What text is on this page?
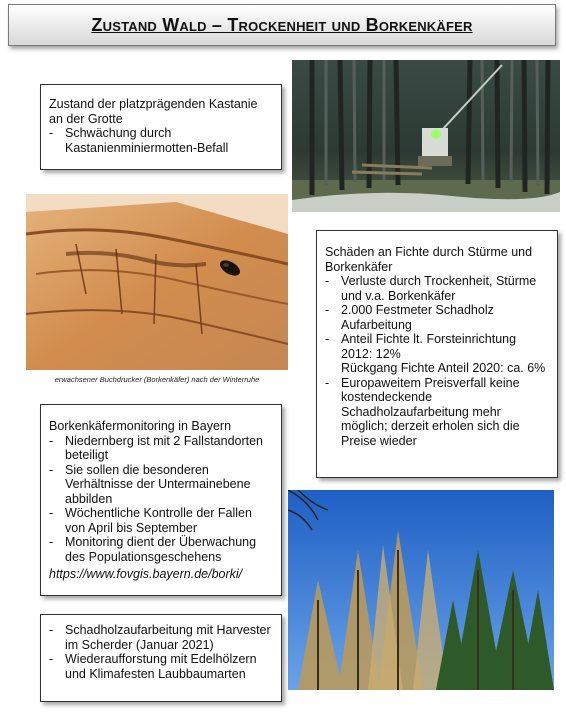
Zustand Wald – Trockenheit und Borkenkäfer
Zustand der platzprägenden Kastanie an der Grotte
- Schwächung durch Kastanienminiermotten-Befall
erwachsener Buchdrucker (Borkenkäfer) nach der Winterruhe
Schäden an Fichte durch Stürme und Borkenkäfer
- Verluste durch Trockenheit, Stürme und v.a. Borkenkäfer
- 2.000 Festmeter Schadholz Aufarbeitung
- Anteil Fichte lt. Forsteinrichtung 2012: 12%
Rückgang Fichte Anteil 2020: ca. 6%
- Europaweitem Preisverfall keine kostendeckende Schadholzaufarbeitung mehr möglich; derzeit erholen sich die Preise wieder
Borkenkäfermonitoring in Bayern
- Niedernberg ist mit 2 Fallstandorten beteiligt
- Sie sollen die besonderen Verhältnisse der Untermainebene abbilden
- Wöchentliche Kontrolle der Fallen von April bis September
- Monitoring dient der Überwachung des Populationsgeschehens
https://www.fovgis.bayern.de/borki/
- Schadholzaufarbeitung mit Harvester im Scherder (Januar 2021)
- Wiederaufforstung mit Edelhölzern und Klimafesten Laubbaumarten
